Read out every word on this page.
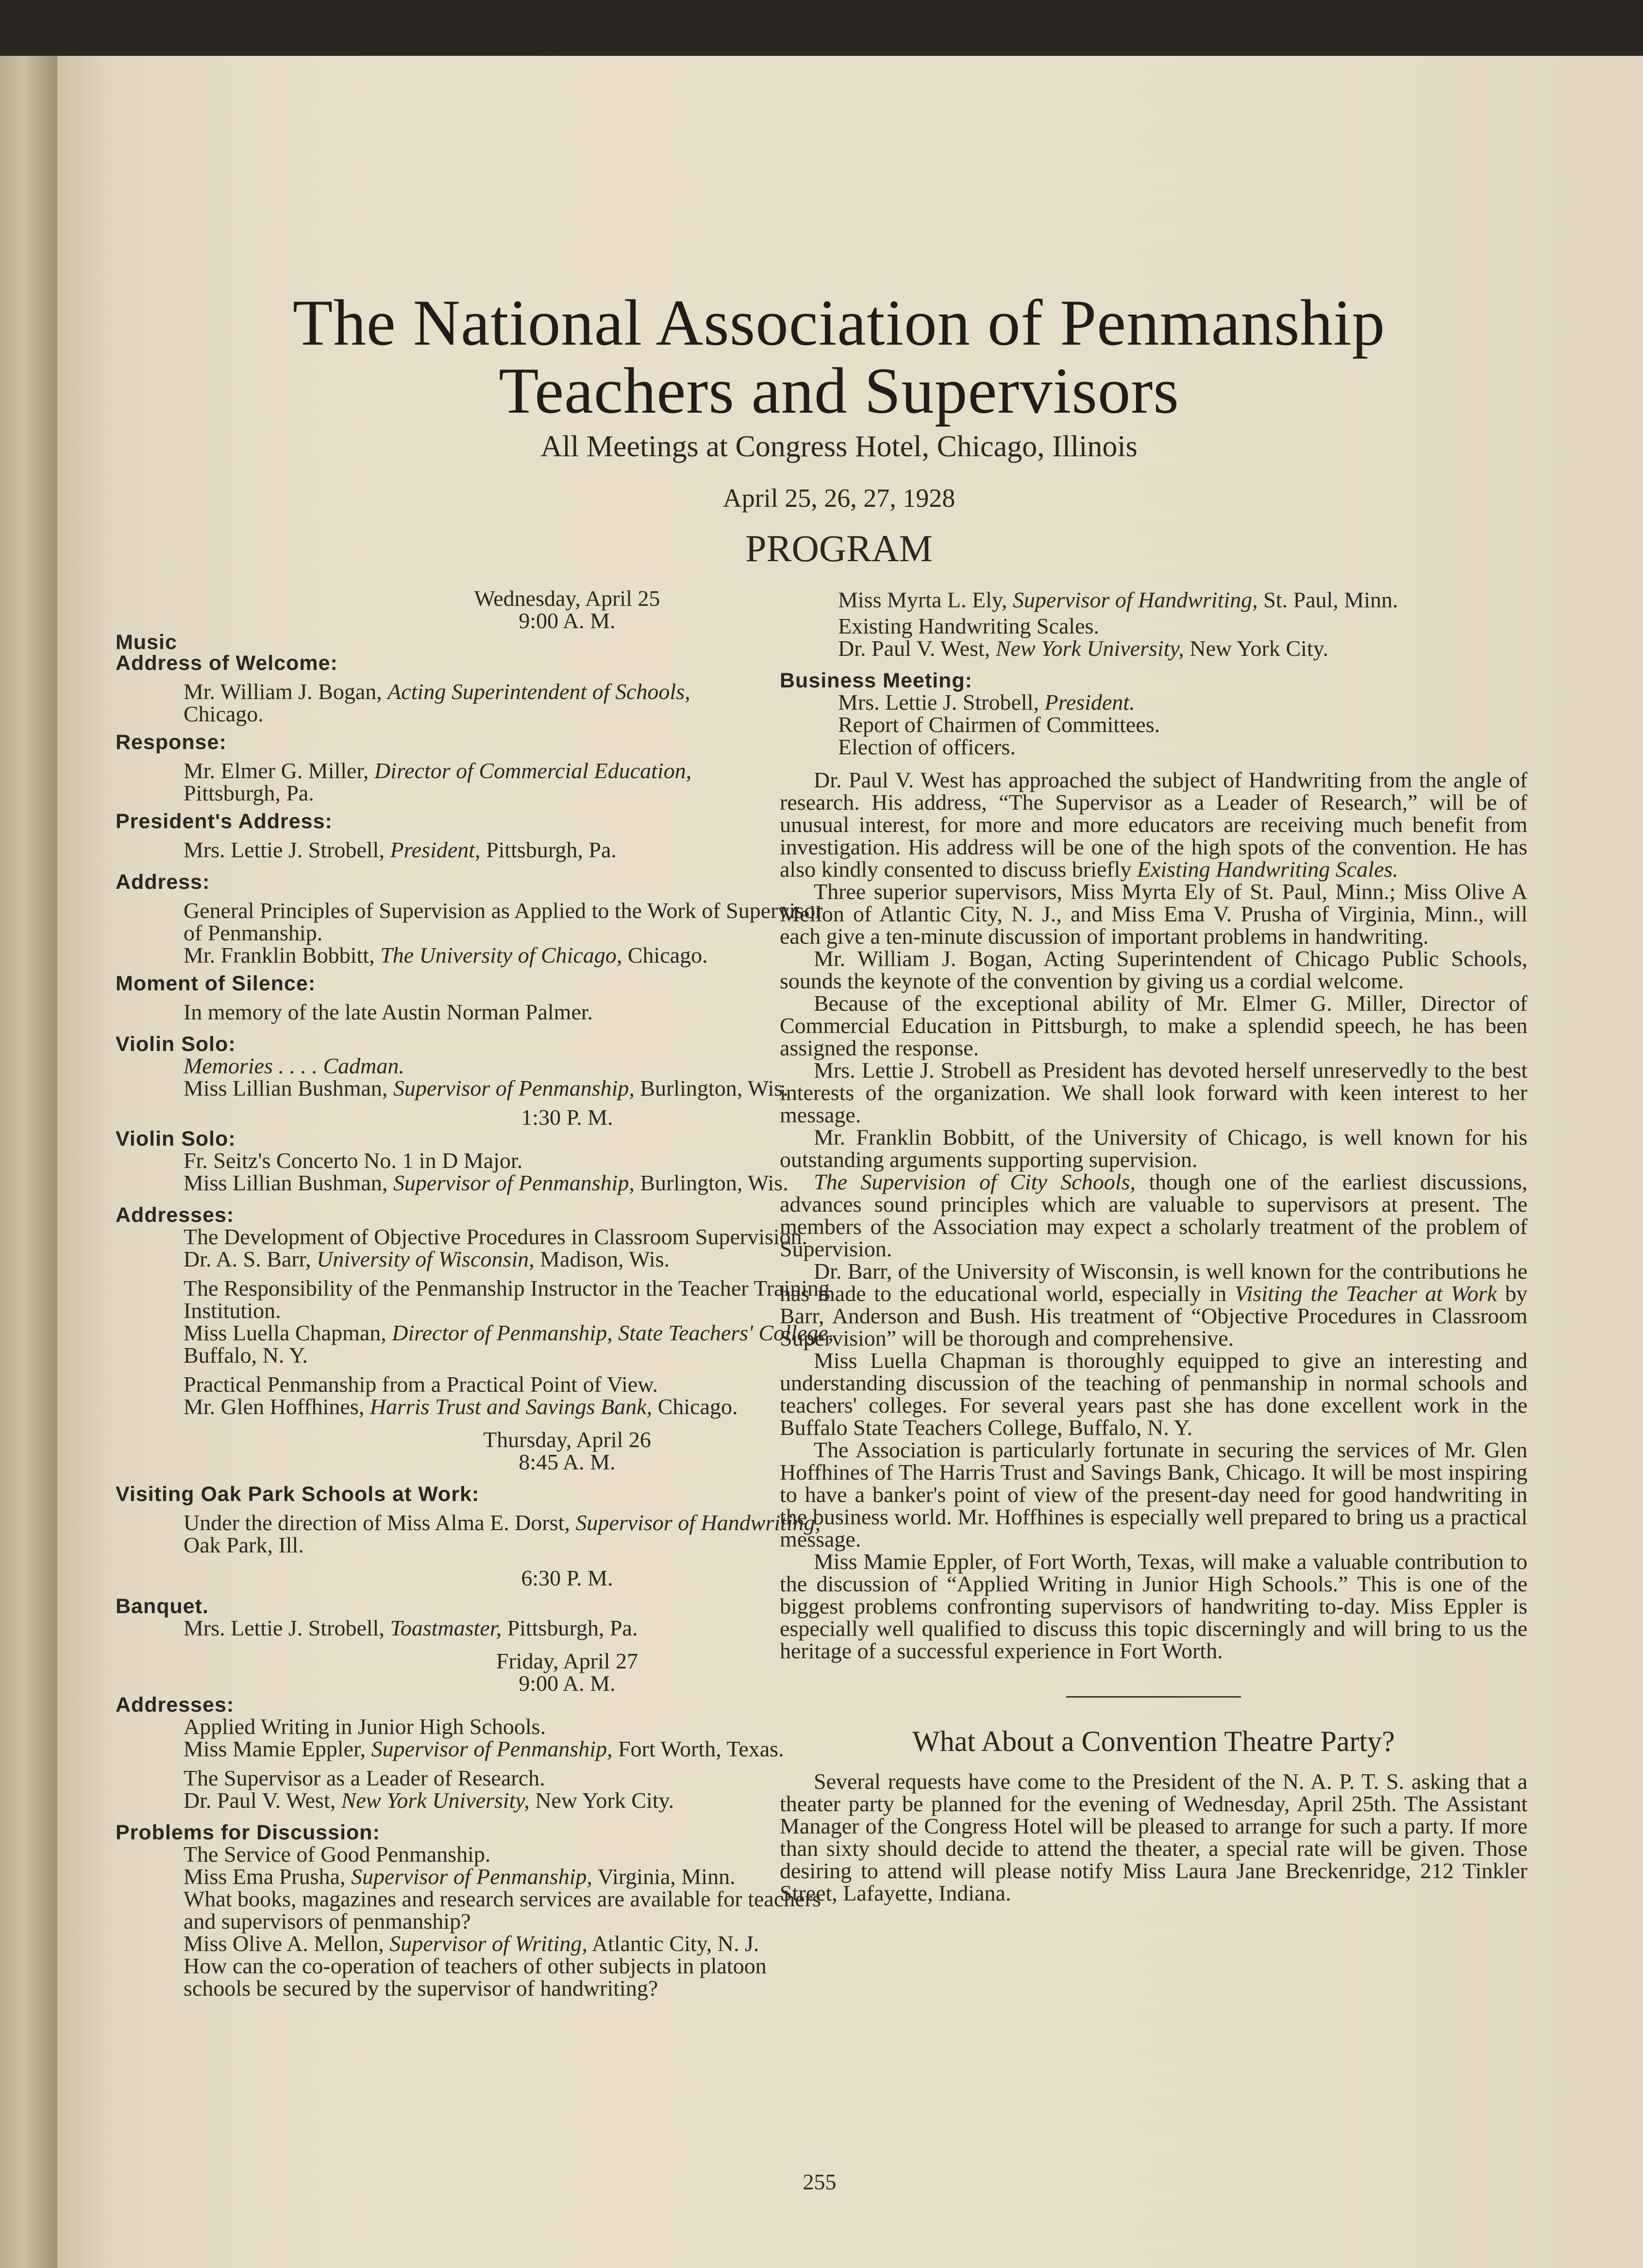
The National Association of Penmanship
Teachers and Supervisors
All Meetings at Congress Hotel, Chicago, Illinois
April 25, 26, 27, 1928
PROGRAM
Wednesday, April 25
9:00 A. M.
Music
Address of Welcome:
Mr. William J. Bogan, Acting Superintendent of Schools,
Chicago.
Response:
Mr. Elmer G. Miller, Director of Commercial Education,
Pittsburgh, Pa.
President's Address:
Mrs. Lettie J. Strobell, President, Pittsburgh, Pa.
Address:
General Principles of Supervision as Applied to the Work of Supervisor of Penmanship.
Mr. Franklin Bobbitt, The University of Chicago, Chicago.
Moment of Silence:
In memory of the late Austin Norman Palmer.
Violin Solo:
Memories . . . . Cadman.
Miss Lillian Bushman, Supervisor of Penmanship, Burlington, Wis.
1:30 P. M.
Violin Solo:
Fr. Seitz's Concerto No. 1 in D Major.
Miss Lillian Bushman, Supervisor of Penmanship, Burlington, Wis.
Addresses:
The Development of Objective Procedures in Classroom Supervision.
Dr. A. S. Barr, University of Wisconsin, Madison, Wis.
The Responsibility of the Penmanship Instructor in the Teacher Training Institution.
Miss Luella Chapman, Director of Penmanship, State Teachers' College, Buffalo, N. Y.
Practical Penmanship from a Practical Point of View.
Mr. Glen Hoffhines, Harris Trust and Savings Bank, Chicago.
Thursday, April 26
8:45 A. M.
Visiting Oak Park Schools at Work:
Under the direction of Miss Alma E. Dorst, Supervisor of Handwriting, Oak Park, Ill.
6:30 P. M.
Banquet.
Mrs. Lettie J. Strobell, Toastmaster, Pittsburgh, Pa.
Friday, April 27
9:00 A. M.
Addresses:
Applied Writing in Junior High Schools.
Miss Mamie Eppler, Supervisor of Penmanship, Fort Worth, Texas.
The Supervisor as a Leader of Research.
Dr. Paul V. West, New York University, New York City.
Problems for Discussion:
The Service of Good Penmanship.
Miss Ema Prusha, Supervisor of Penmanship, Virginia, Minn.
What books, magazines and research services are available for teachers and supervisors of penmanship?
Miss Olive A. Mellon, Supervisor of Writing, Atlantic City, N. J.
How can the co-operation of teachers of other subjects in platoon schools be secured by the supervisor of handwriting?
Miss Myrta L. Ely, Supervisor of Handwriting, St. Paul, Minn.
Existing Handwriting Scales.
Dr. Paul V. West, New York University, New York City.
Business Meeting:
Mrs. Lettie J. Strobell, President.
Report of Chairmen of Committees.
Election of officers.

Dr. Paul V. West has approached the subject of Handwriting from the angle of research. His address, “The Supervisor as a Leader of Research,” will be of unusual interest, for more and more educators are receiving much benefit from investigation. His address will be one of the high spots of the convention. He has also kindly consented to discuss briefly Existing Handwriting Scales.

Three superior supervisors, Miss Myrta Ely of St. Paul, Minn.; Miss Olive A Mellon of Atlantic City, N. J., and Miss Ema V. Prusha of Virginia, Minn., will each give a ten-minute discussion of important problems in handwriting.

Mr. William J. Bogan, Acting Superintendent of Chicago Public Schools, sounds the keynote of the convention by giving us a cordial welcome.

Because of the exceptional ability of Mr. Elmer G. Miller, Director of Commercial Education in Pittsburgh, to make a splendid speech, he has been assigned the response.

Mrs. Lettie J. Strobell as President has devoted herself unreservedly to the best interests of the organization. We shall look forward with keen interest to her message.

Mr. Franklin Bobbitt, of the University of Chicago, is well known for his outstanding arguments supporting supervision.

The Supervision of City Schools, though one of the earliest discussions, advances sound principles which are valuable to supervisors at present. The members of the Association may expect a scholarly treatment of the problem of Supervision.

Dr. Barr, of the University of Wisconsin, is well known for the contributions he has made to the educational world, especially in Visiting the Teacher at Work by Barr, Anderson and Bush. His treatment of “Objective Procedures in Classroom Supervision” will be thorough and comprehensive.

Miss Luella Chapman is thoroughly equipped to give an interesting and understanding discussion of the teaching of penmanship in normal schools and teachers' colleges. For several years past she has done excellent work in the Buffalo State Teachers College, Buffalo, N. Y.

The Association is particularly fortunate in securing the services of Mr. Glen Hoffhines of The Harris Trust and Savings Bank, Chicago. It will be most inspiring to have a banker's point of view of the present-day need for good handwriting in the business world. Mr. Hoffhines is especially well prepared to bring us a practical message.

Miss Mamie Eppler, of Fort Worth, Texas, will make a valuable contribution to the discussion of “Applied Writing in Junior High Schools.” This is one of the biggest problems confronting supervisors of handwriting to-day. Miss Eppler is especially well qualified to discuss this topic discerningly and will bring to us the heritage of a successful experience in Fort Worth.

What About a Convention Theatre Party?

Several requests have come to the President of the N. A. P. T. S. asking that a theater party be planned for the evening of Wednesday, April 25th. The Assistant Manager of the Congress Hotel will be pleased to arrange for such a party. If more than sixty should decide to attend the theater, a special rate will be given. Those desiring to attend will please notify Miss Laura Jane Breckenridge, 212 Tinkler Street, Lafayette, Indiana.

255
